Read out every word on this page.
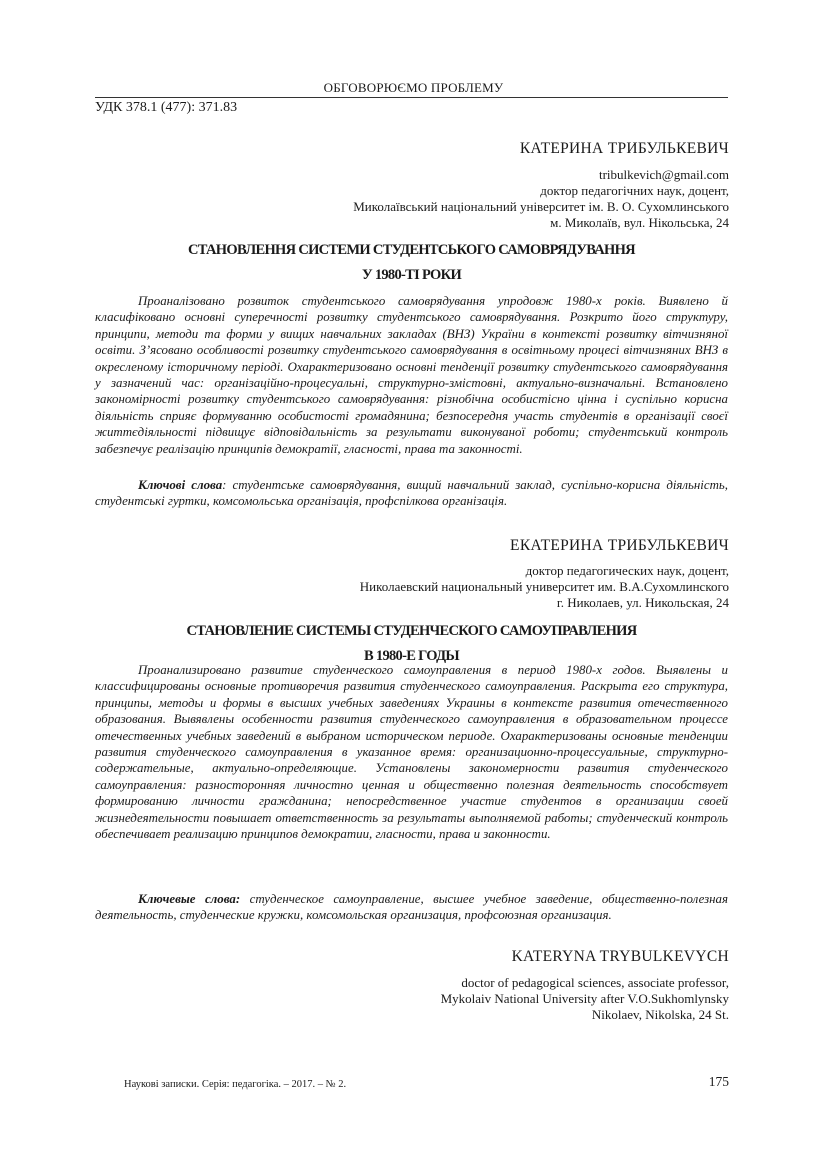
ОБГОВОРЮЄМО ПРОБЛЕМУ
УДК 378.1 (477): 371.83
КАТЕРИНА ТРИБУЛЬКЕВИЧ
tribulkevich@gmail.com
доктор педагогічних наук, доцент,
Миколаївський національний університет ім. В. О. Сухомлинського
м. Миколаїв, вул. Нікольська, 24
СТАНОВЛЕННЯ СИСТЕМИ СТУДЕНТСЬКОГО САМОВРЯДУВАННЯ
У 1980-ТІ РОКИ
Проаналізовано розвиток студентського самоврядування упродовж 1980-х років. Виявлено й класифіковано основні суперечності розвитку студентського самоврядування. Розкрито його структуру, принципи, методи та форми у вищих навчальних закладах (ВНЗ) України в контексті розвитку вітчизняної освіти. З’ясовано особливості розвитку студентського самоврядування в освітньому процесі вітчизняних ВНЗ в окресленому історичному періоді. Охарактеризовано основні тенденції розвитку студентського самоврядування у зазначений час: організаційно-процесуальні, структурно-змістовні, актуально-визначальні. Встановлено закономірності розвитку студентського самоврядування: різнобічна особистісно цінна і суспільно корисна діяльність сприяє формуванню особистості громадянина; безпосередня участь студентів в організації своєї життєдіяльності підвищує відповідальність за результати виконуваної роботи; студентський контроль забезпечує реалізацію принципів демократії, гласності, права та законності.
Ключові слова: студентське самоврядування, вищий навчальний заклад, суспільно-корисна діяльність, студентські гуртки, комсомольська організація, профспілкова організація.
ЕКАТЕРИНА ТРИБУЛЬКЕВИЧ
доктор педагогических наук, доцент,
Николаевский национальный университет им. В.А.Сухомлинского
г. Николаев, ул. Никольская, 24
СТАНОВЛЕНИЕ СИСТЕМЫ СТУДЕНЧЕСКОГО САМОУПРАВЛЕНИЯ
В 1980-Е ГОДЫ
Проанализировано развитие студенческого самоуправления в период 1980-х годов. Выявлены и классифицированы основные противоречия развития студенческого самоуправления. Раскрыта его структура, принципы, методы и формы в высших учебных заведениях Украины в контексте развития отечественного образования. Вывявлены особенности развития студенческого самоуправления в образовательном процессе отечественных учебных заведений в выбраном историческом периоде. Охарактеризованы основные тенденции развития студенческого самоуправления в указанное время: организационно-процессуальные, структурно-содержательные, актуально-определяющие. Установлены закономерности развития студенческого самоуправления: разносторонняя личностно ценная и общественно полезная деятельность способствует формированию личности гражданина; непосредственное участие студентов в организации своей жизнедеятельности повышает ответственность за результаты выполняемой работы; студенческий контроль обеспечивает реализацию принципов демократии, гласности, права и законности.
Ключевые слова: студенческое самоуправление, высшее учебное заведение, общественно-полезная деятельность, студенческие кружки, комсомольская организация, профсоюзная организация.
KATERYNA TRYBULKEVYCH
doctor of pedagogical sciences, associate professor,
Mykolaiv National University after V.O.Sukhomlynsky
Nikolaev, Nikolska, 24 St.
Наукові записки. Серія: педагогіка. – 2017. – № 2.	175
